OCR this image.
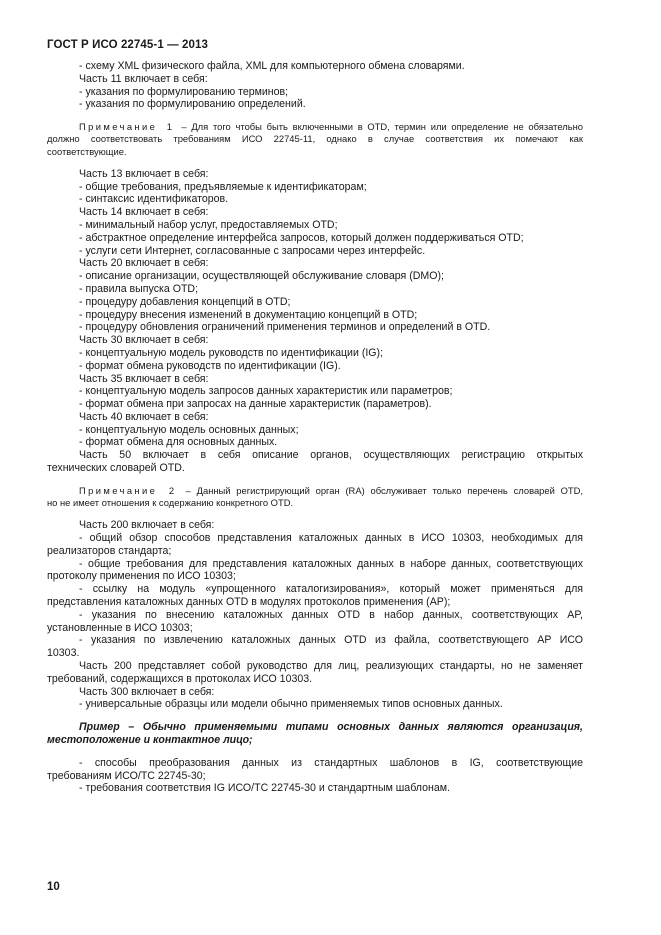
ГОСТ Р ИСО 22745-1 — 2013
- схему XML физического файла, XML для компьютерного обмена словарями.
Часть 11 включает в себя:
- указания по формулированию терминов;
- указания по формулированию определений.
Примечание 1 – Для того чтобы быть включенными в OTD, термин или определение не обязательно
должно соответствовать требованиям ИСО 22745-11, однако в случае соответствия их помечают как
соответствующие.
Часть 13 включает в себя:
- общие требования, предъявляемые к идентификаторам;
- синтаксис идентификаторов.
Часть 14 включает в себя:
- минимальный набор услуг, предоставляемых OTD;
- абстрактное определение интерфейса запросов, который должен поддерживаться OTD;
- услуги сети Интернет, согласованные с запросами через интерфейс.
Часть 20 включает в себя:
- описание организации, осуществляющей обслуживание словаря (DMO);
- правила выпуска OTD;
- процедуру добавления концепций в OTD;
- процедуру внесения изменений в документацию концепций в OTD;
- процедуру обновления ограничений применения терминов и определений в OTD.
Часть 30 включает в себя:
- концептуальную модель руководств по идентификации (IG);
- формат обмена руководств по идентификации (IG).
Часть 35 включает в себя:
- концептуальную модель запросов данных характеристик или параметров;
- формат обмена при запросах на данные характеристик (параметров).
Часть 40 включает в себя:
- концептуальную модель основных данных;
- формат обмена для основных данных.
Часть 50 включает в себя описание органов, осуществляющих регистрацию открытых
технических словарей OTD.
Примечание 2 – Данный регистрирующий орган (RA) обслуживает только перечень словарей OTD,
но не имеет отношения к содержанию конкретного OTD.
Часть 200 включает в себя:
- общий обзор способов представления каталожных данных в ИСО 10303, необходимых для
реализаторов стандарта;
- общие требования для представления каталожных данных в наборе данных, соответствующих
протоколу применения по ИСО 10303;
- ссылку на модуль «упрощенного каталогизирования», который может применяться для
представления каталожных данных OTD в модулях протоколов применения (AP);
- указания по внесению каталожных данных OTD в набор данных, соответствующих AP,
установленные в ИСО 10303;
- указания по извлечению каталожных данных OTD из файла, соответствующего AP ИСО
10303.
Часть 200 представляет собой руководство для лиц, реализующих стандарты, но не заменяет
требований, содержащихся в протоколах ИСО 10303.
Часть 300 включает в себя:
- универсальные образцы или модели обычно применяемых типов основных данных.
Пример – Обычно применяемыми типами основных данных являются организация,
местоположение и контактное лицо;
- способы преобразования данных из стандартных шаблонов в IG, соответствующие
требованиям ИСО/ТС 22745-30;
- требования соответствия IG ИСО/ТС 22745-30 и стандартным шаблонам.
10
